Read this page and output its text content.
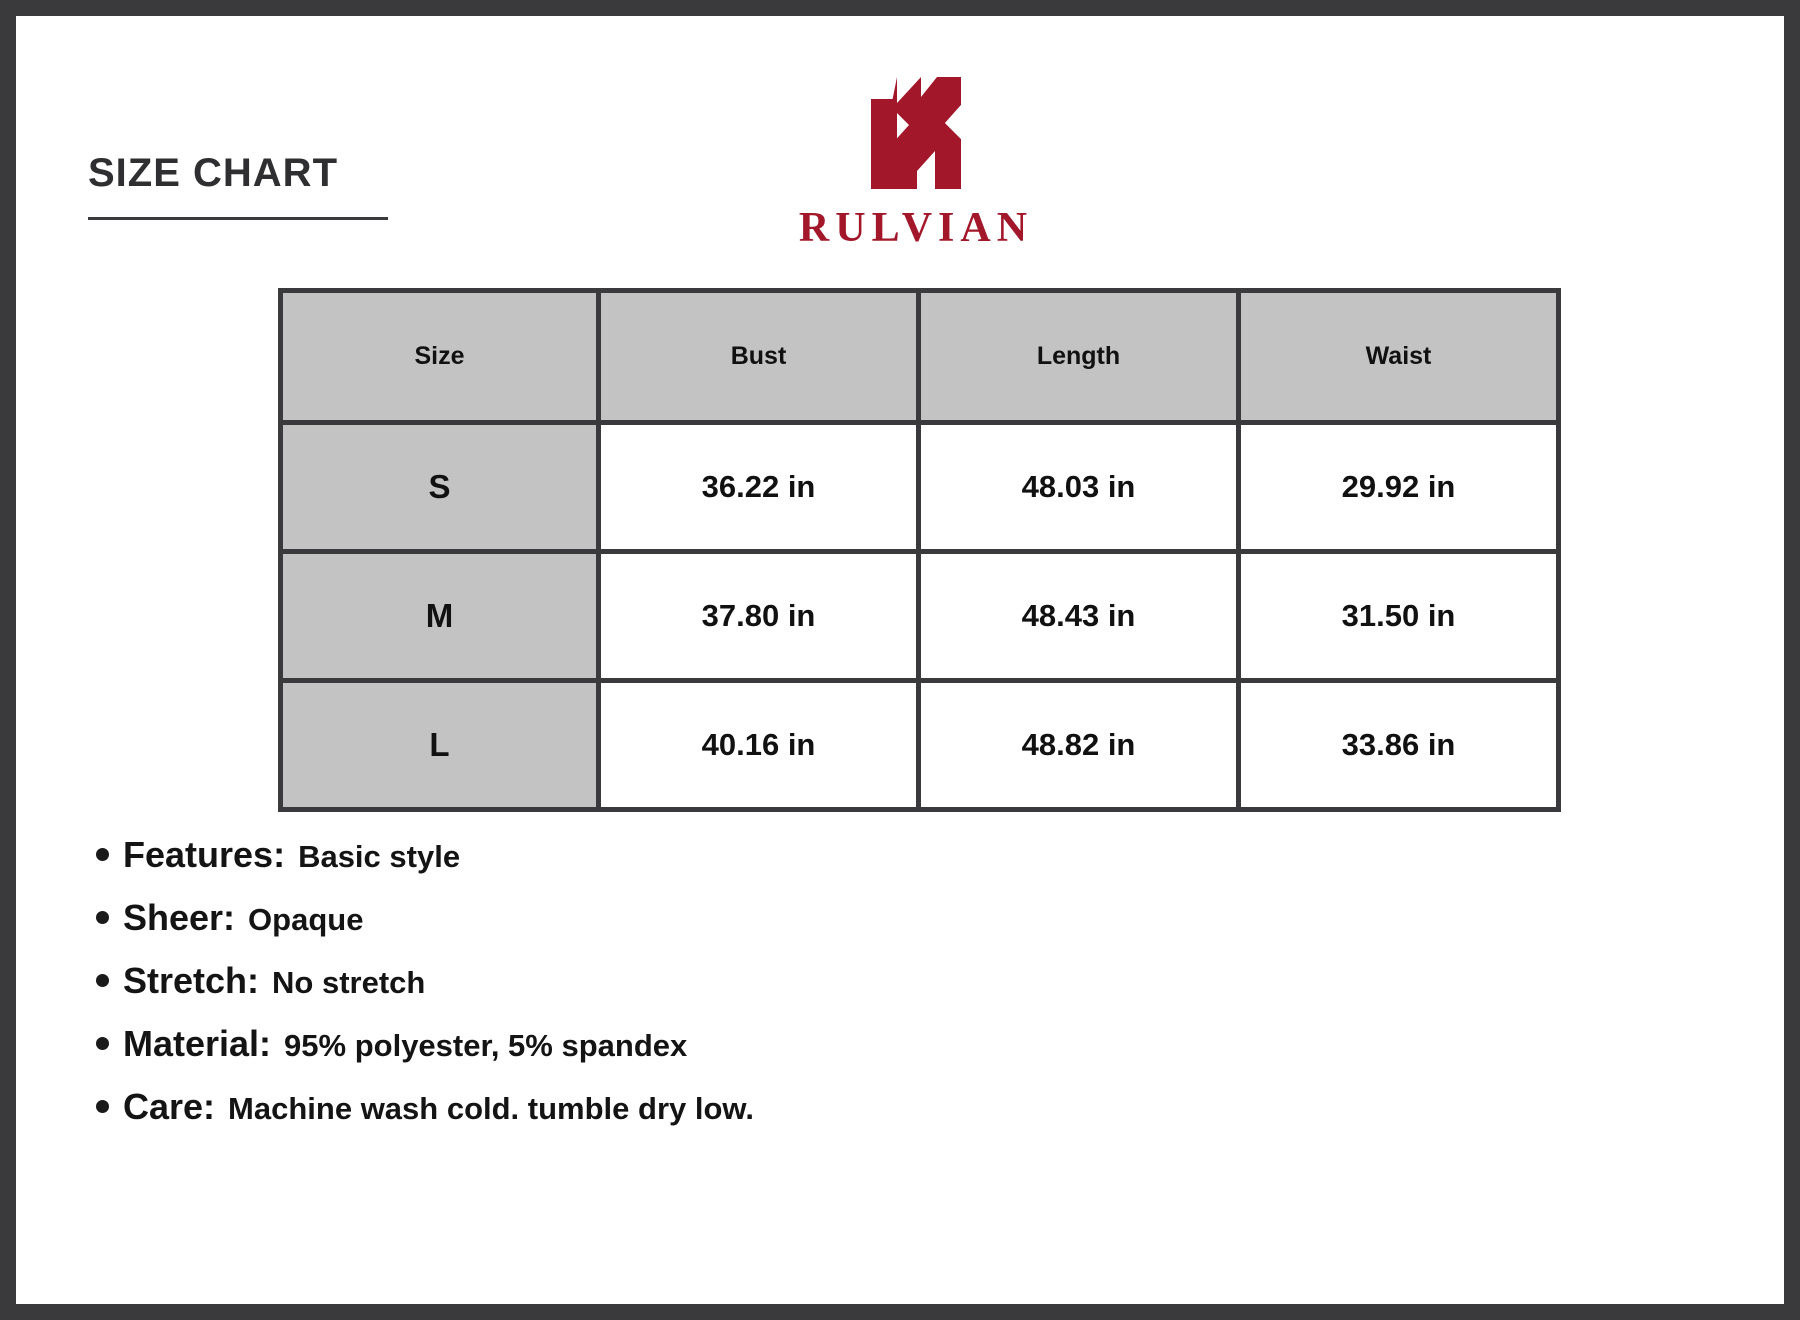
SIZE CHART
RULVIAN
Size	Bust	Length	Waist
S	36.22 in	48.03 in	29.92 in
M	37.80 in	48.43 in	31.50 in
L	40.16 in	48.82 in	33.86 in
Features: Basic style
Sheer: Opaque
Stretch: No stretch
Material: 95% polyester, 5% spandex
Care: Machine wash cold. tumble dry low.
